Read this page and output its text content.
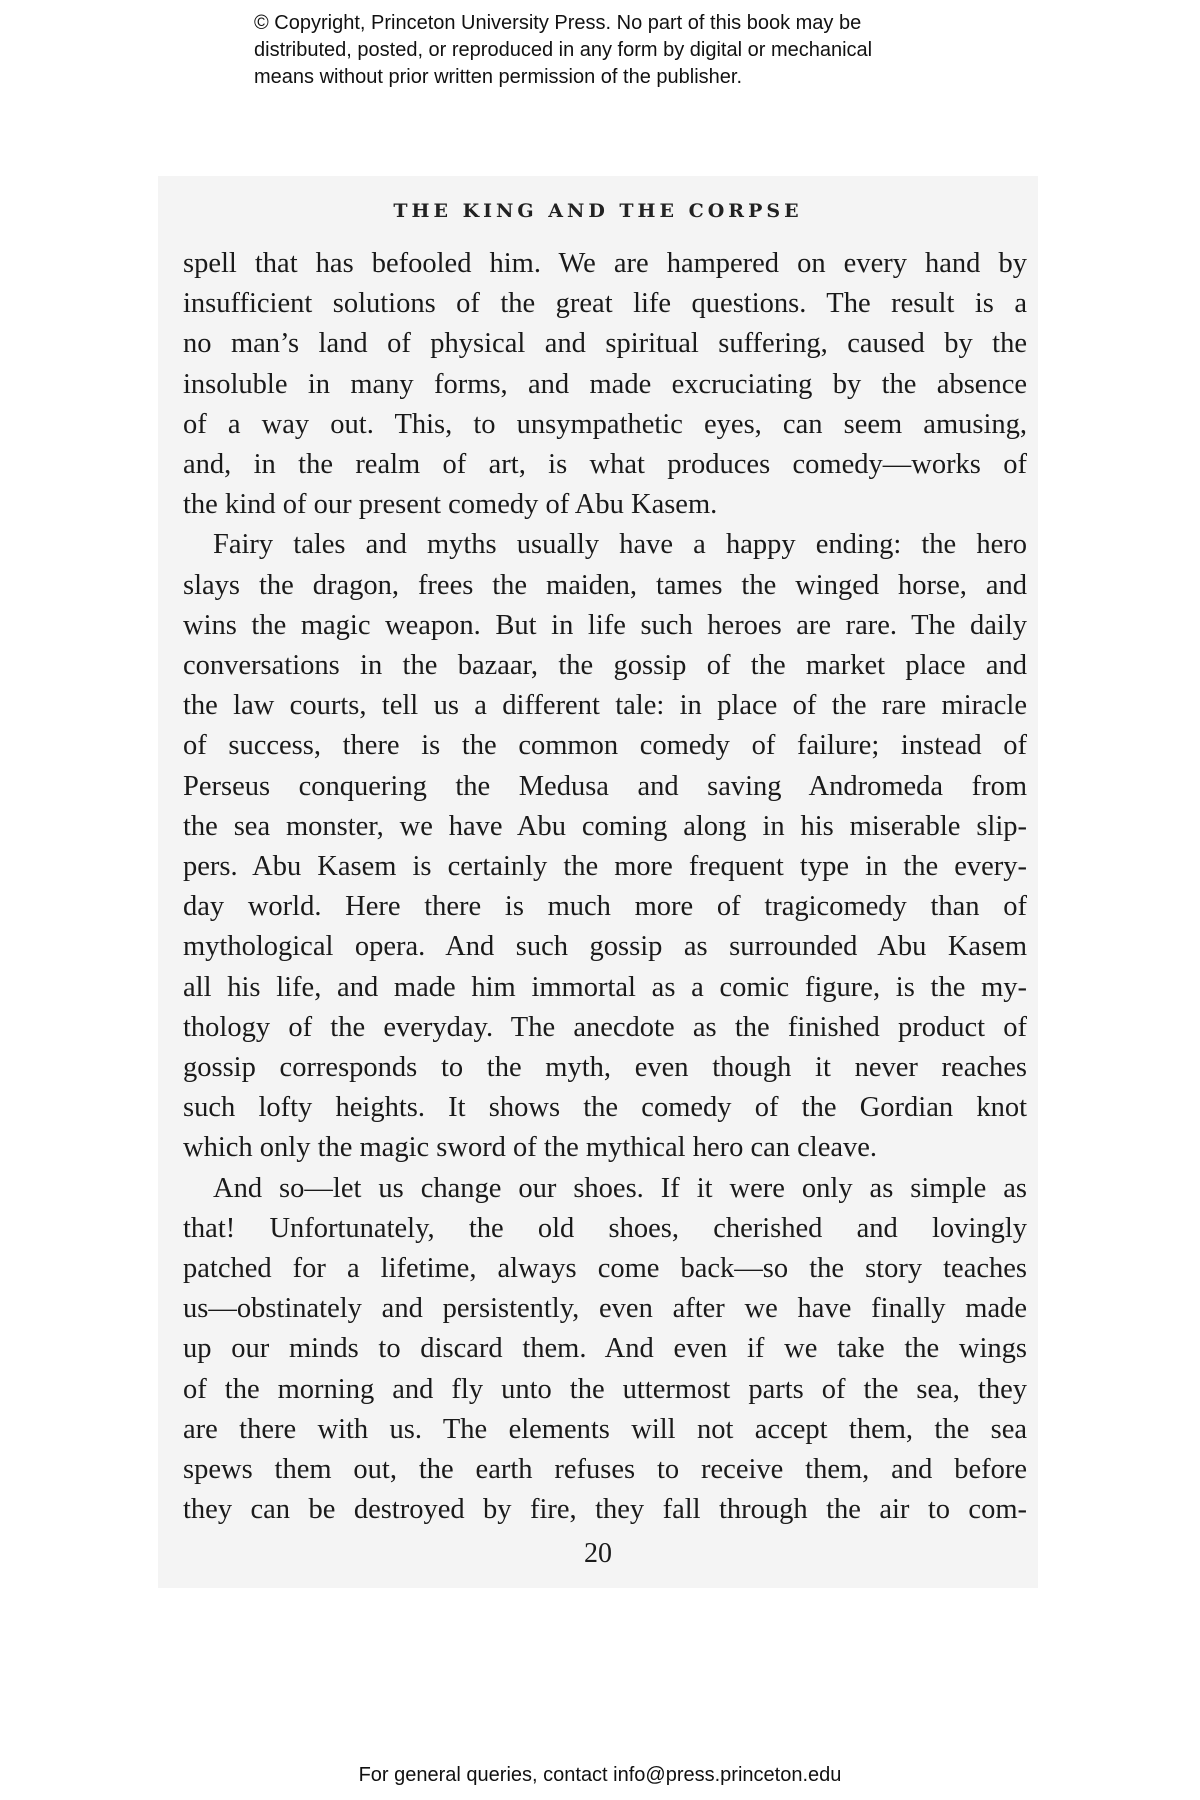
© Copyright, Princeton University Press. No part of this book may be
distributed, posted, or reproduced in any form by digital or mechanical
means without prior written permission of the publisher.
THE KING AND THE CORPSE
spell that has befooled him. We are hampered on every hand by
insufficient solutions of the great life questions. The result is a
no man’s land of physical and spiritual suffering, caused by the
insoluble in many forms, and made excruciating by the absence
of a way out. This, to unsympathetic eyes, can seem amusing,
and, in the realm of art, is what produces comedy—works of
the kind of our present comedy of Abu Kasem.
Fairy tales and myths usually have a happy ending: the hero
slays the dragon, frees the maiden, tames the winged horse, and
wins the magic weapon. But in life such heroes are rare. The daily
conversations in the bazaar, the gossip of the market place and
the law courts, tell us a different tale: in place of the rare miracle
of success, there is the common comedy of failure; instead of
Perseus conquering the Medusa and saving Andromeda from
the sea monster, we have Abu coming along in his miserable slip-
pers. Abu Kasem is certainly the more frequent type in the every-
day world. Here there is much more of tragicomedy than of
mythological opera. And such gossip as surrounded Abu Kasem
all his life, and made him immortal as a comic figure, is the my-
thology of the everyday. The anecdote as the finished product of
gossip corresponds to the myth, even though it never reaches
such lofty heights. It shows the comedy of the Gordian knot
which only the magic sword of the mythical hero can cleave.
And so—let us change our shoes. If it were only as simple as
that! Unfortunately, the old shoes, cherished and lovingly
patched for a lifetime, always come back—so the story teaches
us—obstinately and persistently, even after we have finally made
up our minds to discard them. And even if we take the wings
of the morning and fly unto the uttermost parts of the sea, they
are there with us. The elements will not accept them, the sea
spews them out, the earth refuses to receive them, and before
they can be destroyed by fire, they fall through the air to com-
20
For general queries, contact info@press.princeton.edu
